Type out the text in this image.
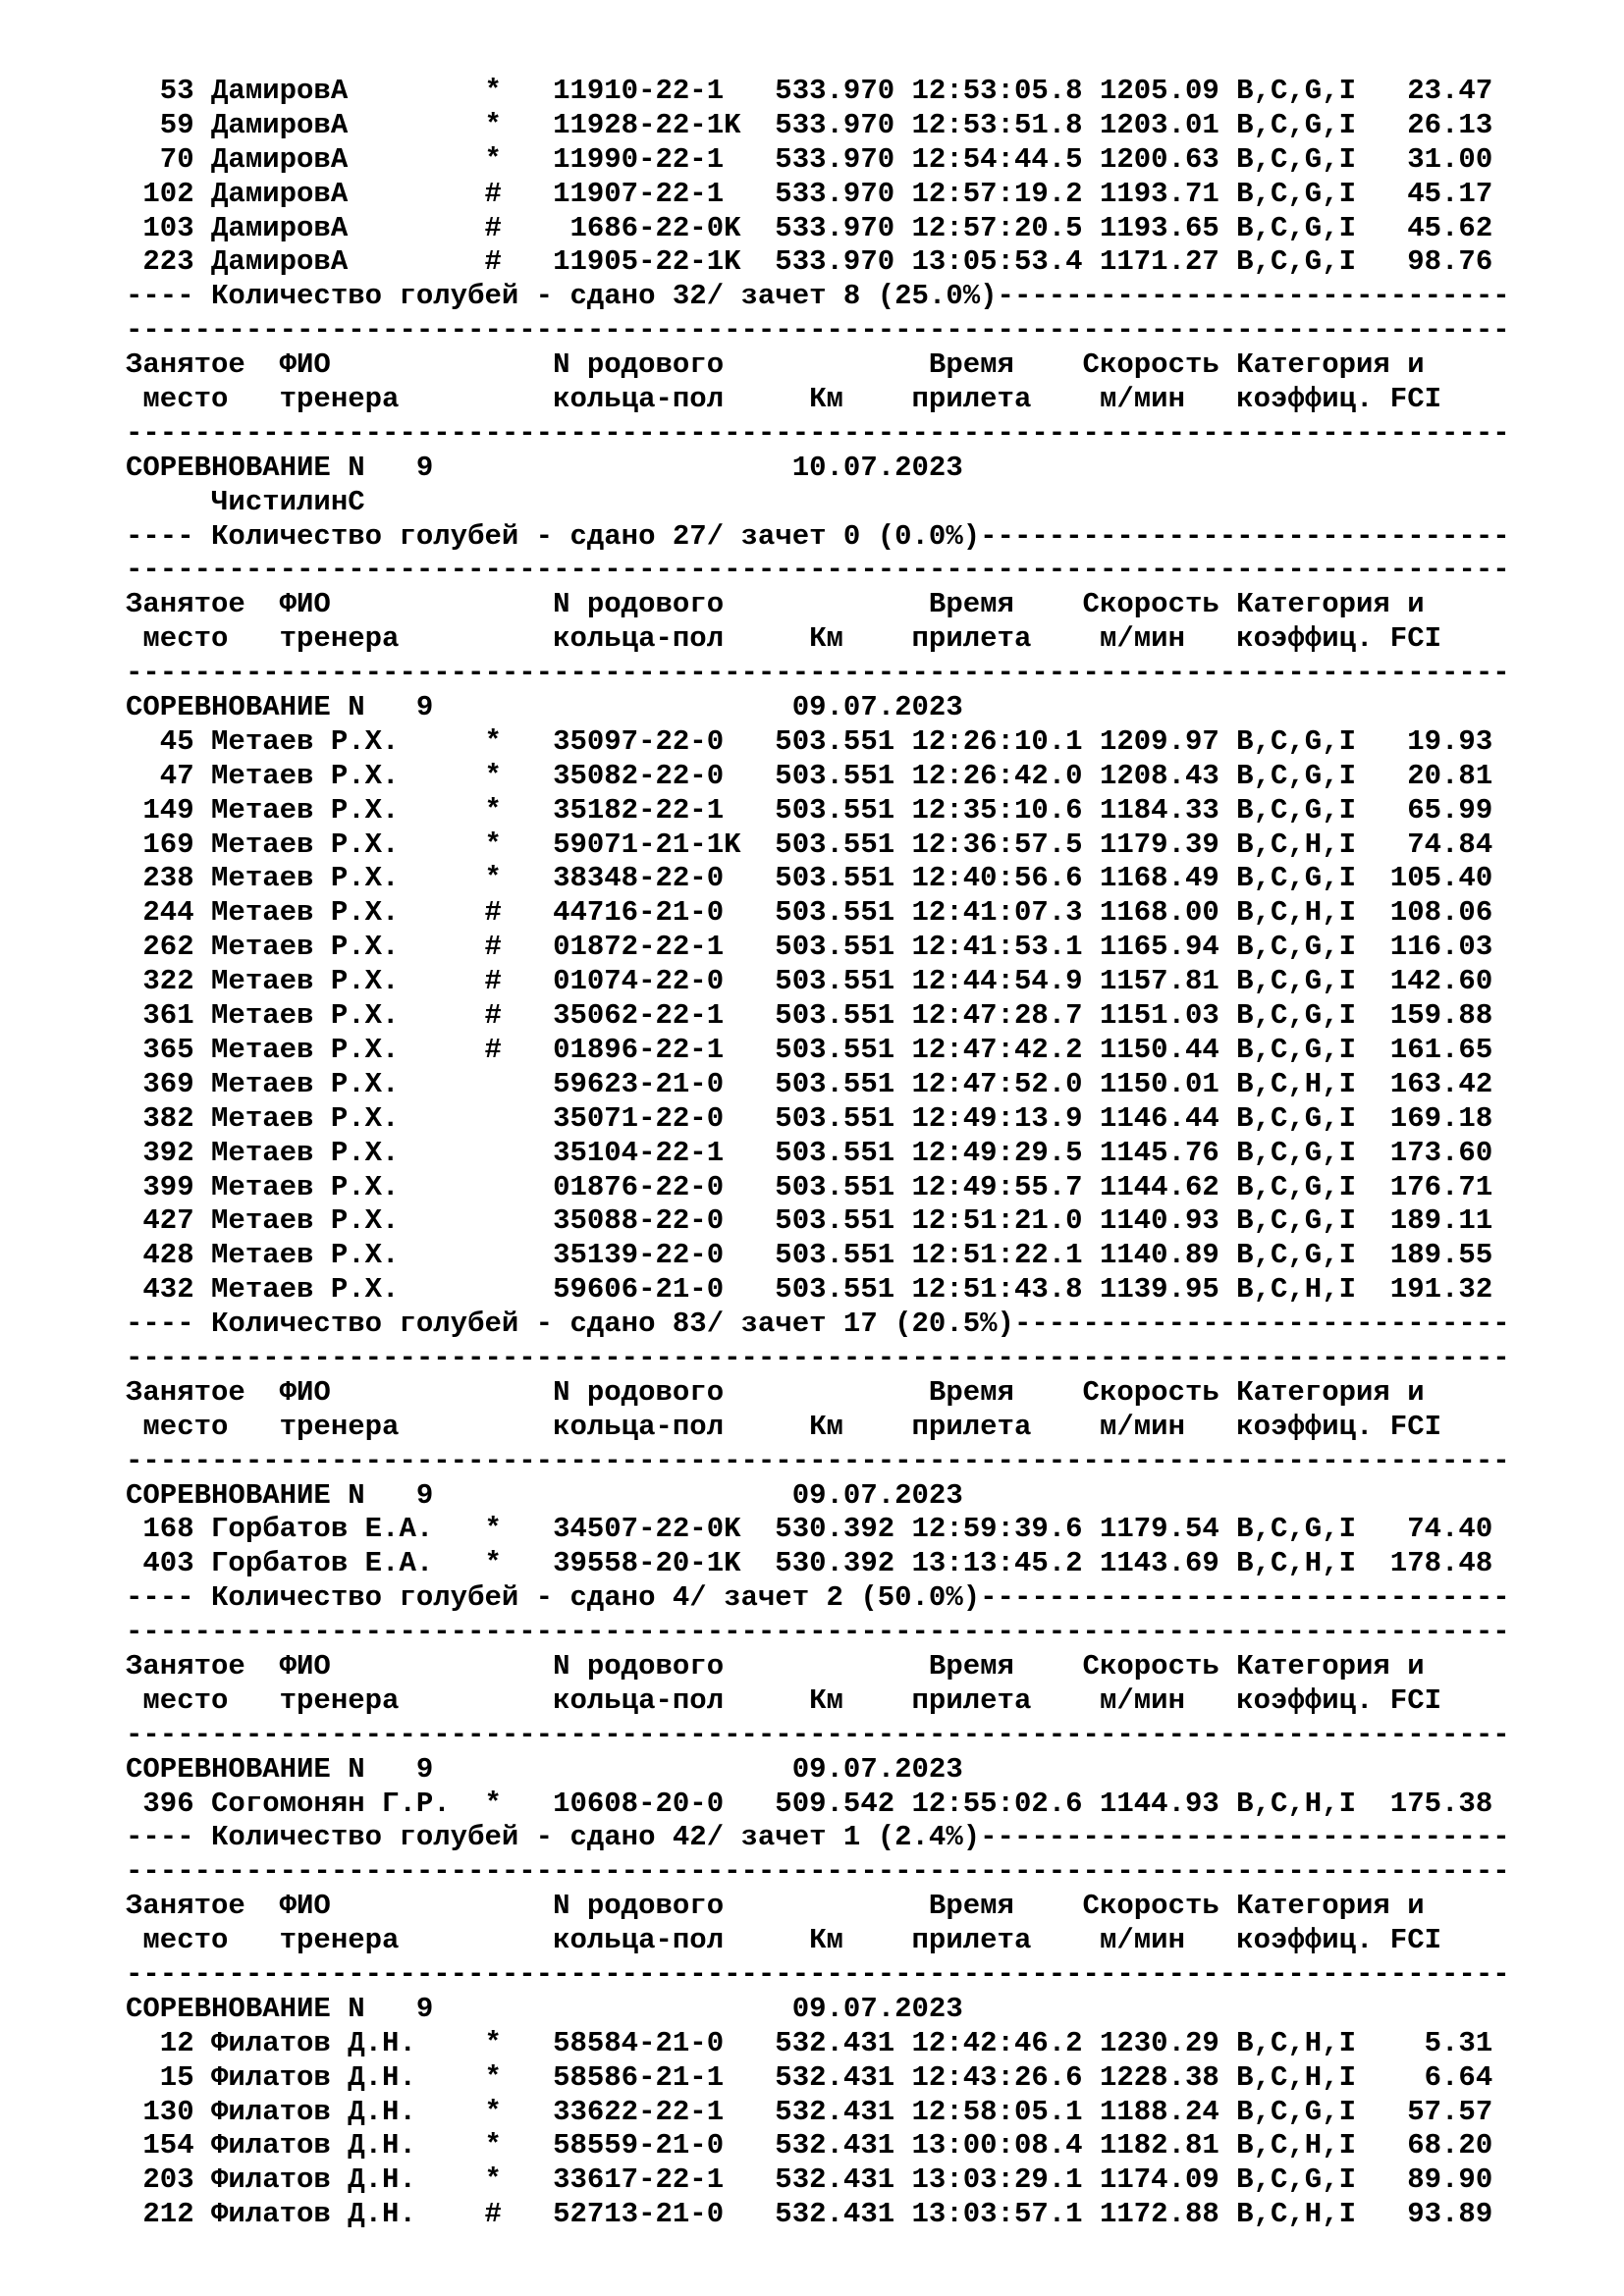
53 ДамировА        *   11910-22-1   533.970 12:53:05.8 1205.09 B,C,G,I   23.47
59 ДамировА        *   11928-22-1K  533.970 12:53:51.8 1203.01 B,C,G,I   26.13
70 ДамировА        *   11990-22-1   533.970 12:54:44.5 1200.63 B,C,G,I   31.00
102 ДамировА        #   11907-22-1   533.970 12:57:19.2 1193.71 B,C,G,I   45.17
103 ДамировА        #    1686-22-0K  533.970 12:57:20.5 1193.65 B,C,G,I   45.62
223 ДамировА        #   11905-22-1K  533.970 13:05:53.4 1171.27 B,C,G,I   98.76
---- Количество голубей - сдано 32/ зачет 8 (25.0%)------------------------------
---------------------------------------------------------------------------------
Занятое  ФИО             N родового            Время    Скорость Категория и
место   тренера         кольца-пол     Км    прилета    м/мин   коэффиц. FCI
---------------------------------------------------------------------------------
СОРЕВНОВАНИЕ N   9                     10.07.2023
ЧистилинС
---- Количество голубей - сдано 27/ зачет 0 (0.0%)-------------------------------
---------------------------------------------------------------------------------
Занятое  ФИО             N родового            Время    Скорость Категория и
место   тренера         кольца-пол     Км    прилета    м/мин   коэффиц. FCI
---------------------------------------------------------------------------------
СОРЕВНОВАНИЕ N   9                     09.07.2023
45 Метаев Р.Х.     *   35097-22-0   503.551 12:26:10.1 1209.97 B,C,G,I   19.93
47 Метаев Р.Х.     *   35082-22-0   503.551 12:26:42.0 1208.43 B,C,G,I   20.81
149 Метаев Р.Х.     *   35182-22-1   503.551 12:35:10.6 1184.33 B,C,G,I   65.99
169 Метаев Р.Х.     *   59071-21-1K  503.551 12:36:57.5 1179.39 B,C,H,I   74.84
238 Метаев Р.Х.     *   38348-22-0   503.551 12:40:56.6 1168.49 B,C,G,I  105.40
244 Метаев Р.Х.     #   44716-21-0   503.551 12:41:07.3 1168.00 B,C,H,I  108.06
262 Метаев Р.Х.     #   01872-22-1   503.551 12:41:53.1 1165.94 B,C,G,I  116.03
322 Метаев Р.Х.     #   01074-22-0   503.551 12:44:54.9 1157.81 B,C,G,I  142.60
361 Метаев Р.Х.     #   35062-22-1   503.551 12:47:28.7 1151.03 B,C,G,I  159.88
365 Метаев Р.Х.     #   01896-22-1   503.551 12:47:42.2 1150.44 B,C,G,I  161.65
369 Метаев Р.Х.         59623-21-0   503.551 12:47:52.0 1150.01 B,C,H,I  163.42
382 Метаев Р.Х.         35071-22-0   503.551 12:49:13.9 1146.44 B,C,G,I  169.18
392 Метаев Р.Х.         35104-22-1   503.551 12:49:29.5 1145.76 B,C,G,I  173.60
399 Метаев Р.Х.         01876-22-0   503.551 12:49:55.7 1144.62 B,C,G,I  176.71
427 Метаев Р.Х.         35088-22-0   503.551 12:51:21.0 1140.93 B,C,G,I  189.11
428 Метаев Р.Х.         35139-22-0   503.551 12:51:22.1 1140.89 B,C,G,I  189.55
432 Метаев Р.Х.         59606-21-0   503.551 12:51:43.8 1139.95 B,C,H,I  191.32
---- Количество голубей - сдано 83/ зачет 17 (20.5%)-----------------------------
---------------------------------------------------------------------------------
Занятое  ФИО             N родового            Время    Скорость Категория и
место   тренера         кольца-пол     Км    прилета    м/мин   коэффиц. FCI
---------------------------------------------------------------------------------
СОРЕВНОВАНИЕ N   9                     09.07.2023
168 Горбатов Е.А.   *   34507-22-0K  530.392 12:59:39.6 1179.54 B,C,G,I   74.40
403 Горбатов Е.А.   *   39558-20-1K  530.392 13:13:45.2 1143.69 B,C,H,I  178.48
---- Количество голубей - сдано 4/ зачет 2 (50.0%)-------------------------------
---------------------------------------------------------------------------------
Занятое  ФИО             N родового            Время    Скорость Категория и
место   тренера         кольца-пол     Км    прилета    м/мин   коэффиц. FCI
---------------------------------------------------------------------------------
СОРЕВНОВАНИЕ N   9                     09.07.2023
396 Согомонян Г.Р.  *   10608-20-0   509.542 12:55:02.6 1144.93 B,C,H,I  175.38
---- Количество голубей - сдано 42/ зачет 1 (2.4%)-------------------------------
---------------------------------------------------------------------------------
Занятое  ФИО             N родового            Время    Скорость Категория и
место   тренера         кольца-пол     Км    прилета    м/мин   коэффиц. FCI
---------------------------------------------------------------------------------
СОРЕВНОВАНИЕ N   9                     09.07.2023
12 Филатов Д.Н.    *   58584-21-0   532.431 12:42:46.2 1230.29 B,C,H,I    5.31
15 Филатов Д.Н.    *   58586-21-1   532.431 12:43:26.6 1228.38 B,C,H,I    6.64
130 Филатов Д.Н.    *   33622-22-1   532.431 12:58:05.1 1188.24 B,C,G,I   57.57
154 Филатов Д.Н.    *   58559-21-0   532.431 13:00:08.4 1182.81 B,C,H,I   68.20
203 Филатов Д.Н.    *   33617-22-1   532.431 13:03:29.1 1174.09 B,C,G,I   89.90
212 Филатов Д.Н.    #   52713-21-0   532.431 13:03:57.1 1172.88 B,C,H,I   93.89
